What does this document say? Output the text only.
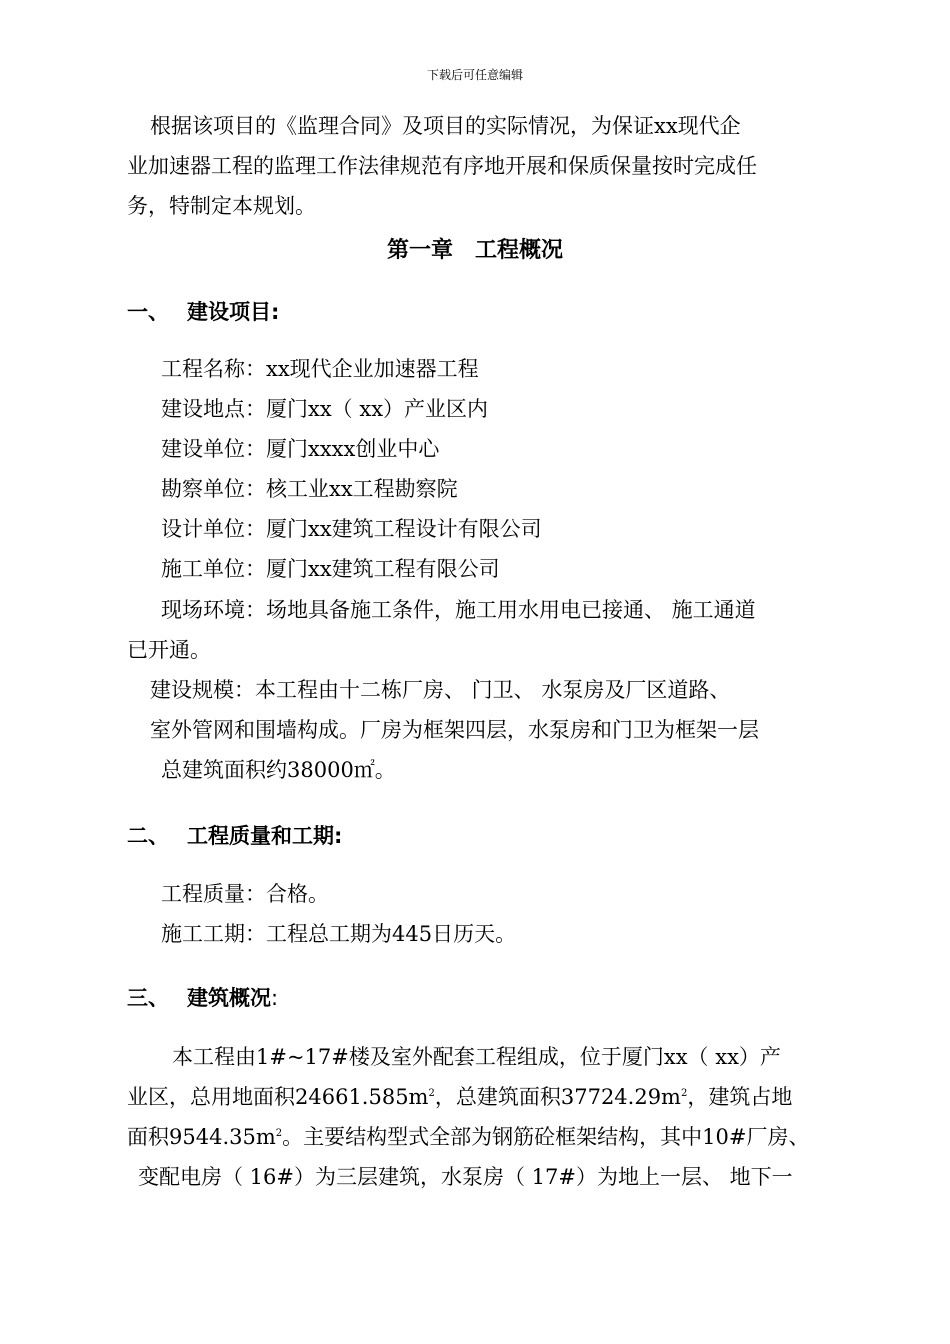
下载后可任意编辑
根据该项目的《监理合同》及项目的实际情况，为保证xx现代企
业加速器工程的监理工作法律规范有序地开展和保质保量按时完成任
务，特制定本规划。
第一章　工程概况
一、 建设项目:
工程名称：xx现代企业加速器工程
建设地点：厦门xx（ xx）产业区内
建设单位：厦门xxxx创业中心
勘察单位：核工业xx工程勘察院
设计单位：厦门xx建筑工程设计有限公司
施工单位：厦门xx建筑工程有限公司
现场环境：场地具备施工条件，施工用水用电已接通、 施工通道
已开通。
建设规模：本工程由十二栋厂房、 门卫、 水泵房及厂区道路、
室外管网和围墙构成。厂房为框架四层，水泵房和门卫为框架一层
总建筑面积约38000㎡。
二、 工程质量和工期:
工程质量：合格。
施工工期：工程总工期为445日历天。
三、 建筑概况:
本工程由1#~17#楼及室外配套工程组成，位于厦门xx（ xx）产
业区，总用地面积$24661.585m^2$，总建筑面积$37724.29m^2$，建筑占地
面积$9544.35m^2$。主要结构型式全部为钢筋砼框架结构，其中10#厂房、
变配电房（ 16#）为三层建筑，水泵房（ 17#）为地上一层、 地下一
